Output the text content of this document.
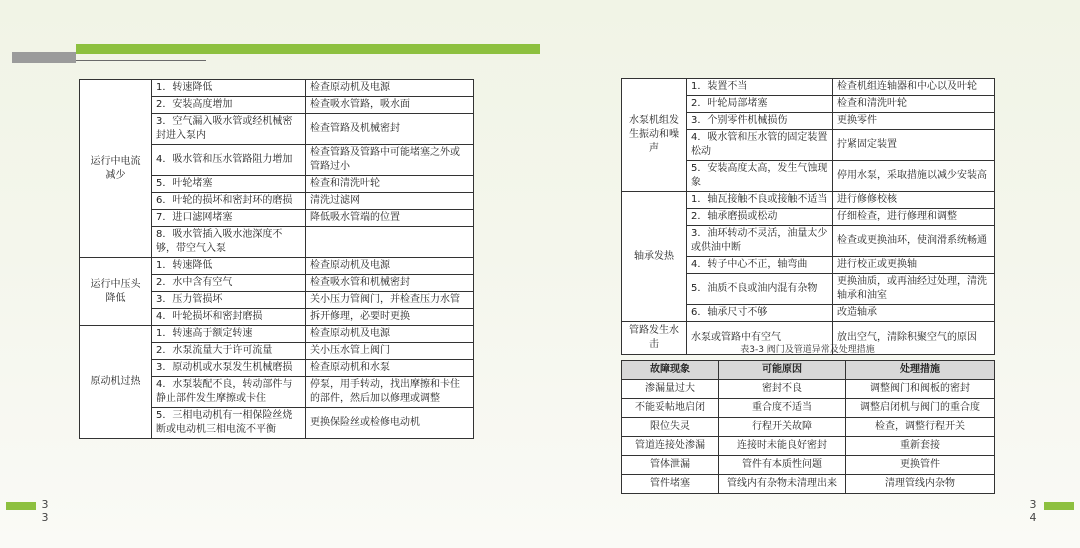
运行中电流减少	1．转速降低	检查原动机及电源
	2．安装高度增加	检查吸水管路，吸水面
	3．空气漏入吸水管或经机械密封进入泵内	检查管路及机械密封
	4．吸水管和压水管路阻力增加	检查管路及管路中可能堵塞之外或管路过小
	5．叶轮堵塞	检查和清洗叶轮
	6．叶轮的损坏和密封环的磨损	清洗过滤网
	7．进口滤网堵塞	降低吸水管端的位置
	8．吸水管插入吸水池深度不够，带空气入泵	
运行中压头降低	1．转速降低	检查原动机及电源
	2．水中含有空气	检查吸水管和机械密封
	3．压力管损坏	关小压力管阀门，并检查压力水管
	4．叶轮损坏和密封磨损	拆开修理，必要时更换
原动机过热	1．转速高于额定转速	检查原动机及电源
	2．水泵流量大于许可流量	关小压水管上阀门
	3．原动机或水泵发生机械磨损	检查原动机和水泵
	4．水泵装配不良，转动部件与静止部件发生摩擦或卡住	停泵，用手转动，找出摩擦和卡住的部件，然后加以修理或调整
	5．三相电动机有一相保险丝烧断或电动机三相电流不平衡	更换保险丝或检修电动机
3
3
水泵机组发生振动和噪声	1．装置不当	检查机组连轴器和中心以及叶轮
	2．叶轮局部堵塞	检查和清洗叶轮
	3．个别零件机械损伤	更换零件
	4．吸水管和压水管的固定装置松动	拧紧固定装置
	5．安装高度太高，发生气蚀现象	停用水泵，采取措施以减少安装高
轴承发热	1．轴瓦接触不良或接触不适当	进行修修校核
	2．轴承磨损或松动	仔细检查，进行修理和调整
	3．油环转动不灵活，油量太少或供油中断	检查或更换油环，使润滑系统畅通
	4．转子中心不正，轴弯曲	进行校正或更换轴
	5．油质不良或油内混有杂物	更换油质，或再油经过处理，清洗轴承和油室
	6．轴承尺寸不够	改造轴承
管路发生水击	水泵或管路中有空气	放出空气，清除积聚空气的原因
表3-3 阀门及管道异常及处理措施
故障现象	可能原因	处理措施
渗漏量过大	密封不良	调整阀门和阀板的密封
不能妥帖地启闭	重合度不适当	调整启闭机与阀门的重合度
限位失灵	行程开关故障	检查，调整行程开关
管道连接处渗漏	连接时未能良好密封	重新套接
管体泄漏	管件有本质性问题	更换管件
管件堵塞	管线内有杂物未清理出来	清理管线内杂物
3
4
